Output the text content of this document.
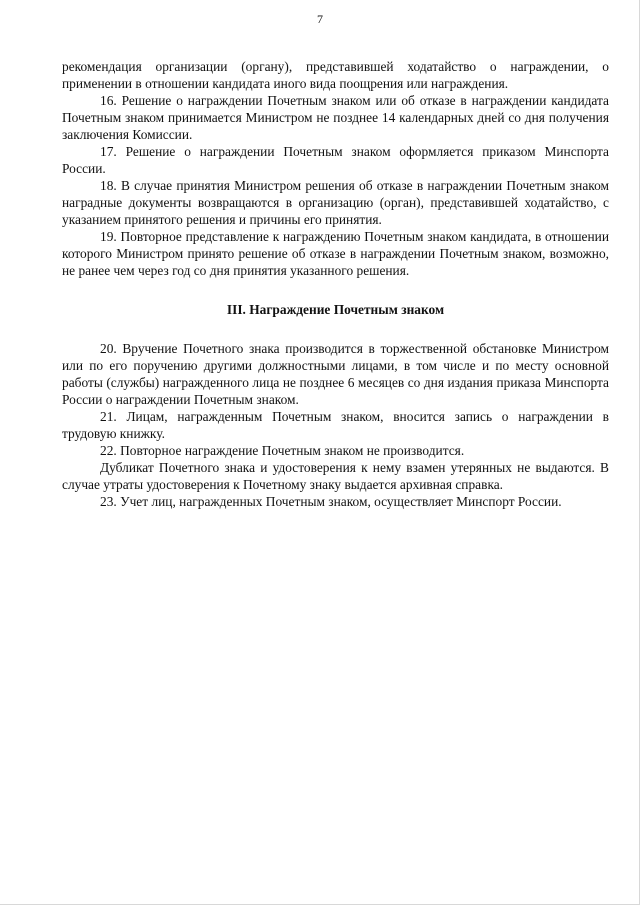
7

рекомендация организации (органу), представившей ходатайство о награждении, о применении в отношении кандидата иного вида поощрения или награждения.

16. Решение о награждении Почетным знаком или об отказе в награждении кандидата Почетным знаком принимается Министром не позднее 14 календарных дней со дня получения заключения Комиссии.

17. Решение о награждении Почетным знаком оформляется приказом Минспорта России.

18. В случае принятия Министром решения об отказе в награждении Почетным знаком наградные документы возвращаются в организацию (орган), представившей ходатайство, с указанием принятого решения и причины его принятия.

19. Повторное представление к награждению Почетным знаком кандидата, в отношении которого Министром принято решение об отказе в награждении Почетным знаком, возможно, не ранее чем через год со дня принятия указанного решения.

III. Награждение Почетным знаком

20. Вручение Почетного знака производится в торжественной обстановке Министром или по его поручению другими должностными лицами, в том числе и по месту основной работы (службы) награжденного лица не позднее 6 месяцев со дня издания приказа Минспорта России о награждении Почетным знаком.

21. Лицам, награжденным Почетным знаком, вносится запись о награждении в трудовую книжку.

22. Повторное награждение Почетным знаком не производится.

Дубликат Почетного знака и удостоверения к нему взамен утерянных не выдаются. В случае утраты удостоверения к Почетному знаку выдается архивная справка.

23. Учет лиц, награжденных Почетным знаком, осуществляет Минспорт России.
